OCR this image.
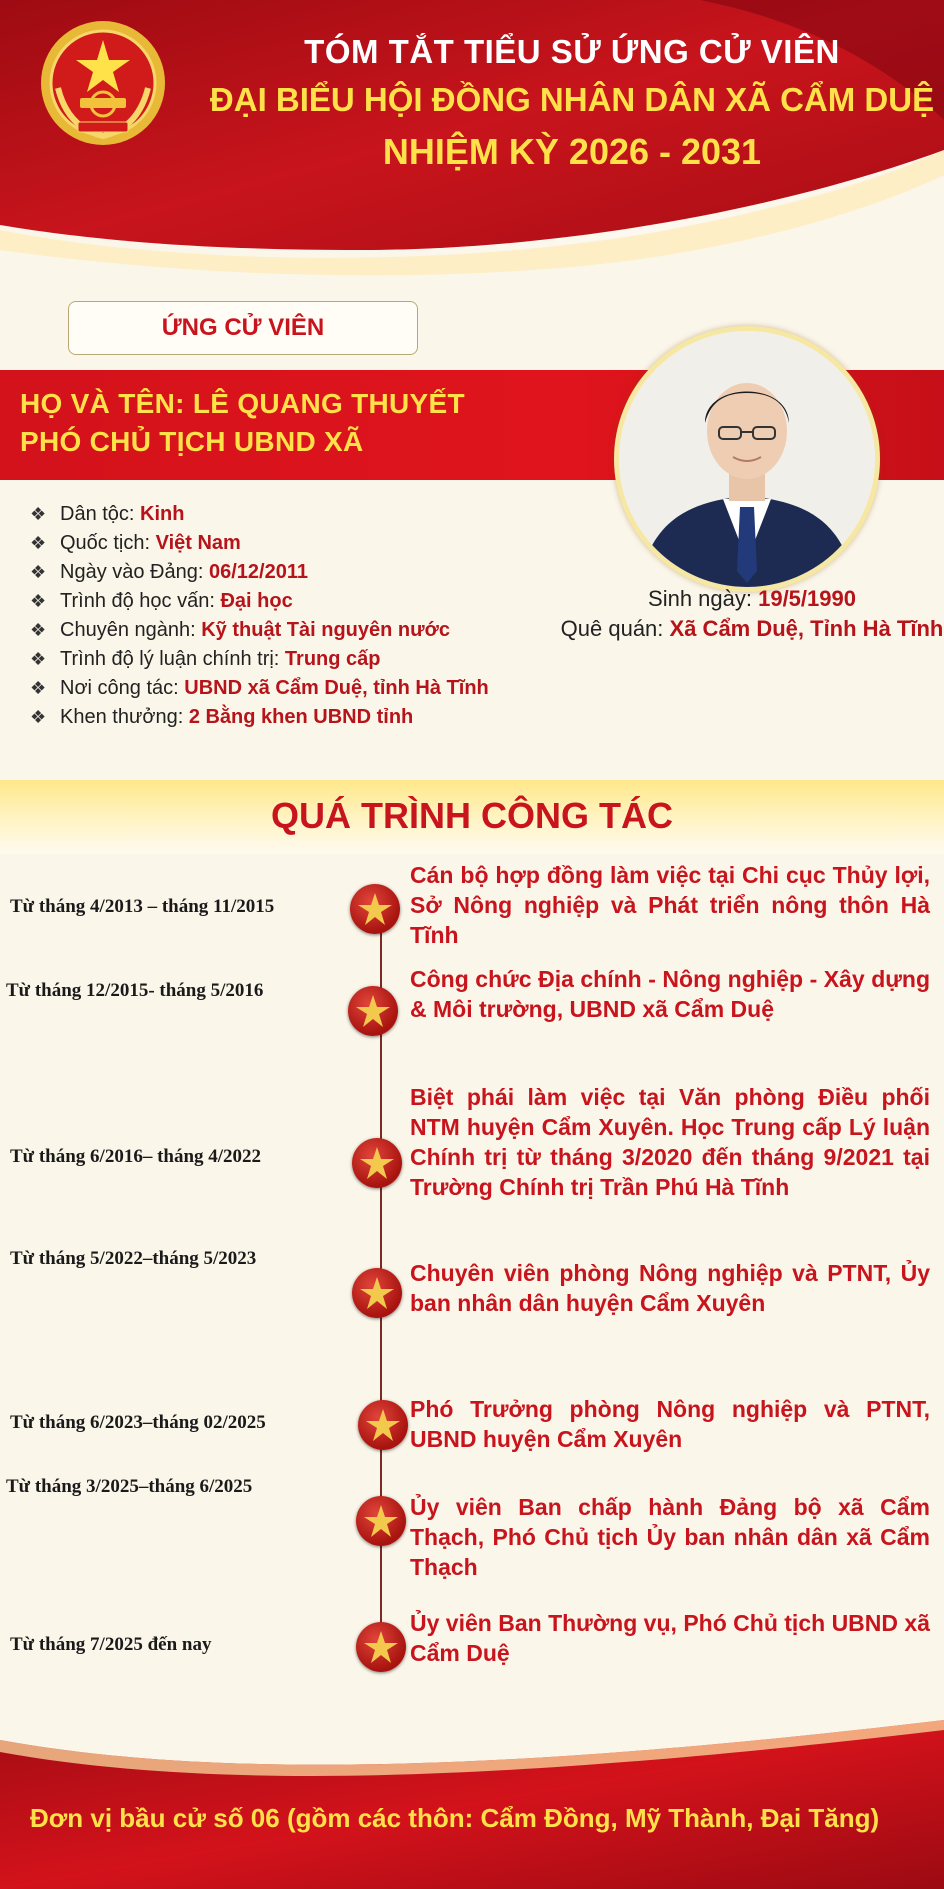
TÓM TẮT TIỂU SỬ ỨNG CỬ VIÊN
ĐẠI BIỂU HỘI ĐỒNG NHÂN DÂN XÃ CẨM DUỆ
NHIỆM KỲ 2026 - 2031
ỨNG CỬ VIÊN
HỌ VÀ TÊN: LÊ QUANG THUYẾT
PHÓ CHỦ TỊCH UBND XÃ
❖ Dân tộc: Kinh
❖ Quốc tịch: Việt Nam
❖ Ngày vào Đảng: 06/12/2011
❖ Trình độ học vấn: Đại học
❖ Chuyên ngành: Kỹ thuật Tài nguyên nước
❖ Trình độ lý luận chính trị: Trung cấp
❖ Nơi công tác: UBND xã Cẩm Duệ, tỉnh Hà Tĩnh
❖ Khen thưởng: 2 Bằng khen UBND tỉnh
Sinh ngày: 19/5/1990
Quê quán: Xã Cẩm Duệ, Tỉnh Hà Tĩnh
QUÁ TRÌNH CÔNG TÁC
Từ tháng 4/2013 – tháng 11/2015
Cán bộ hợp đồng làm việc tại Chi cục Thủy lợi, Sở Nông nghiệp và Phát triển nông thôn Hà Tĩnh
Từ tháng 12/2015- tháng 5/2016	Công chức Địa chính - Nông nghiệp - Xây dựng & Môi trường, UBND xã Cẩm Duệ
Từ tháng 6/2016– tháng 4/2022
Biệt phái làm việc tại Văn phòng Điều phối NTM huyện Cẩm Xuyên. Học Trung cấp Lý luận Chính trị từ tháng 3/2020 đến tháng 9/2021 tại Trường Chính trị Trần Phú Hà Tĩnh
Từ tháng 5/2022–tháng 5/2023
Chuyên viên phòng Nông nghiệp và PTNT, Ủy ban nhân dân huyện Cẩm Xuyên
Từ tháng 6/2023–tháng 02/2025
Phó Trưởng phòng Nông nghiệp và PTNT, UBND huyện Cẩm Xuyên
Từ tháng 3/2025–tháng 6/2025
Ủy viên Ban chấp hành Đảng bộ xã Cẩm Thạch, Phó Chủ tịch Ủy ban nhân dân xã Cẩm Thạch
Từ tháng 7/2025 đến nay
Ủy viên Ban Thường vụ, Phó Chủ tịch UBND xã Cẩm Duệ
Đơn vị bầu cử số 06 (gồm các thôn: Cẩm Đồng, Mỹ Thành, Đại Tăng)
